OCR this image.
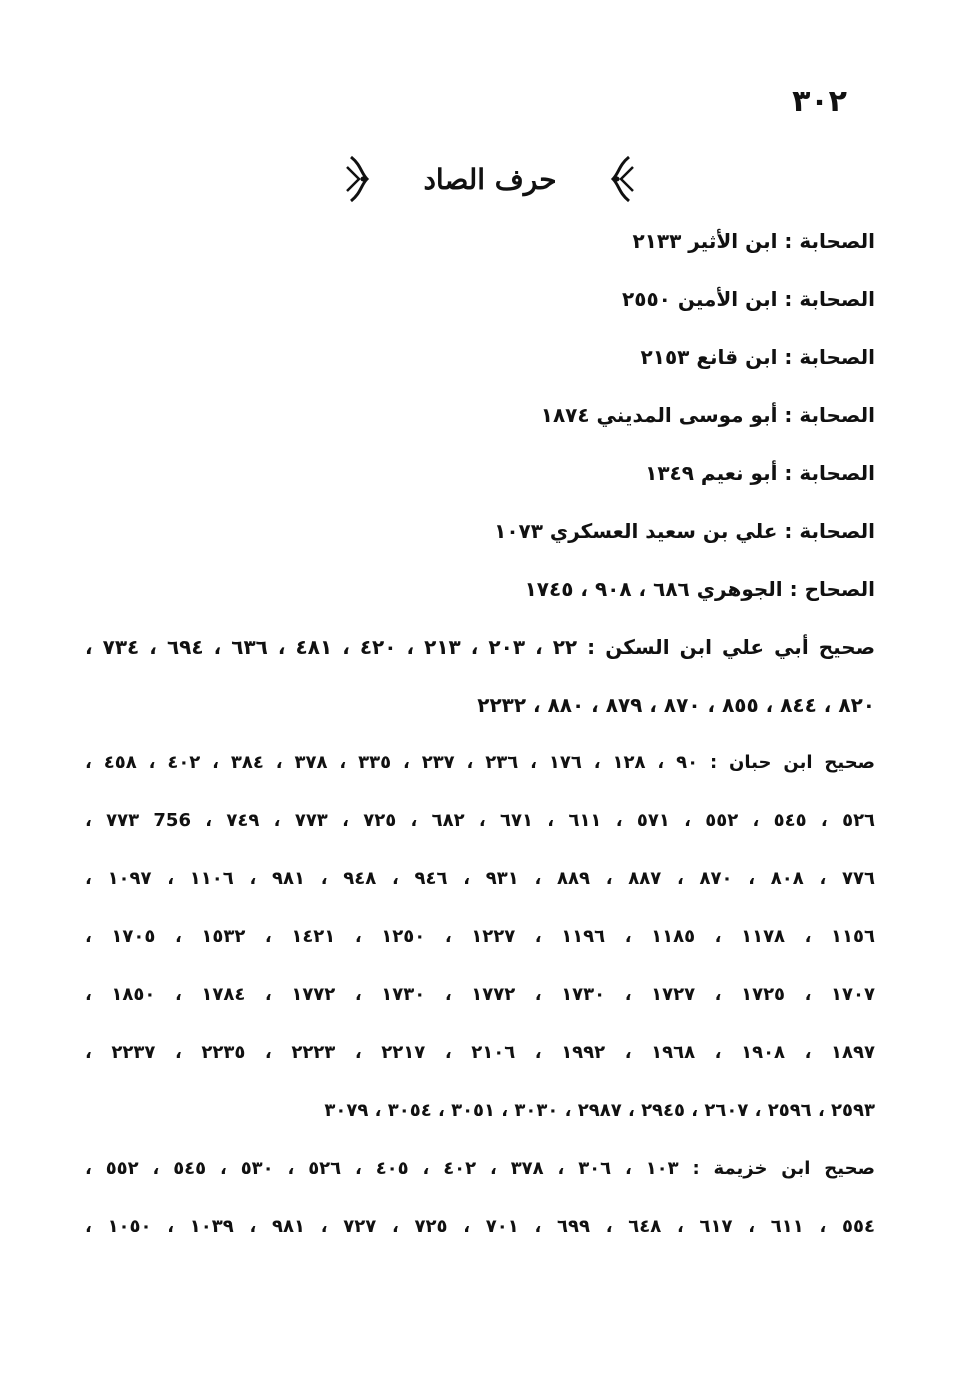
٣٠٢
حرف الصاد
الصحابة : ابن الأثير ٢١٣٣
الصحابة : ابن الأمين ٢٥٥٠
الصحابة : ابن قانع ٢١٥٣
الصحابة : أبو موسى المديني ١٨٧٤
الصحابة : أبو نعيم ١٣٤٩
الصحابة : علي بن سعيد العسكري ١٠٧٣
الصحاح : الجوهري ٦٨٦ ، ٩٠٨ ، ١٧٤٥
صحيح أبي علي ابن السكن : ٢٢ ، ٢٠٣ ، ٢١٣ ، ٤٢٠ ، ٤٨١ ، ٦٣٦ ، ٦٩٤ ، ٧٣٤ ،
٨٢٠ ، ٨٤٤ ، ٨٥٥ ، ٨٧٠ ، ٨٧٩ ، ٨٨٠ ، ٢٢٣٢
صحيح ابن حبان : ٩٠ ، ١٢٨ ، ١٧٦ ، ٢٣٦ ، ٢٣٧ ، ٣٣٥ ، ٣٧٨ ، ٣٨٤ ، ٤٠٢ ، ٤٥٨ ،
٥٢٦ ، ٥٤٥ ، ٥٥٢ ، ٥٧١ ، ٦١١ ، ٦٧١ ، ٦٨٢ ، ٧٢٥ ، ٧٧٣ ، ٧٤٩ ، 756 ٧٧٣ ،
٧٧٦ ، ٨٠٨ ، ٨٧٠ ، ٨٨٧ ، ٨٨٩ ، ٩٣١ ، ٩٤٦ ، ٩٤٨ ، ٩٨١ ، ١١٠٦ ، ١٠٩٧ ،
١١٥٦ ، ١١٧٨ ، ١١٨٥ ، ١١٩٦ ، ١٢٢٧ ، ١٢٥٠ ، ١٤٢١ ، ١٥٣٢ ، ١٧٠٥ ،
١٧٠٧ ، ١٧٢٥ ، ١٧٢٧ ، ١٧٣٠ ، ١٧٧٢ ، ١٧٣٠ ، ١٧٧٢ ، ١٧٨٤ ، ١٨٥٠ ،
١٨٩٧ ، ١٩٠٨ ، ١٩٦٨ ، ١٩٩٢ ، ٢١٠٦ ، ٢٢١٧ ، ٢٢٢٣ ، ٢٢٣٥ ، ٢٢٣٧ ،
٢٥٩٣ ، ٢٥٩٦ ، ٢٦٠٧ ، ٢٩٤٥ ، ٢٩٨٧ ، ٣٠٣٠ ، ٣٠٥١ ، ٣٠٥٤ ، ٣٠٧٩
صحيح ابن خزيمة : ١٠٣ ، ٣٠٦ ، ٣٧٨ ، ٤٠٢ ، ٤٠٥ ، ٥٢٦ ، ٥٣٠ ، ٥٤٥ ، ٥٥٢ ،
٥٥٤ ، ٦١١ ، ٦١٧ ، ٦٤٨ ، ٦٩٩ ، ٧٠١ ، ٧٢٥ ، ٧٢٧ ، ٩٨١ ، ١٠٣٩ ، ١٠٥٠ ،
